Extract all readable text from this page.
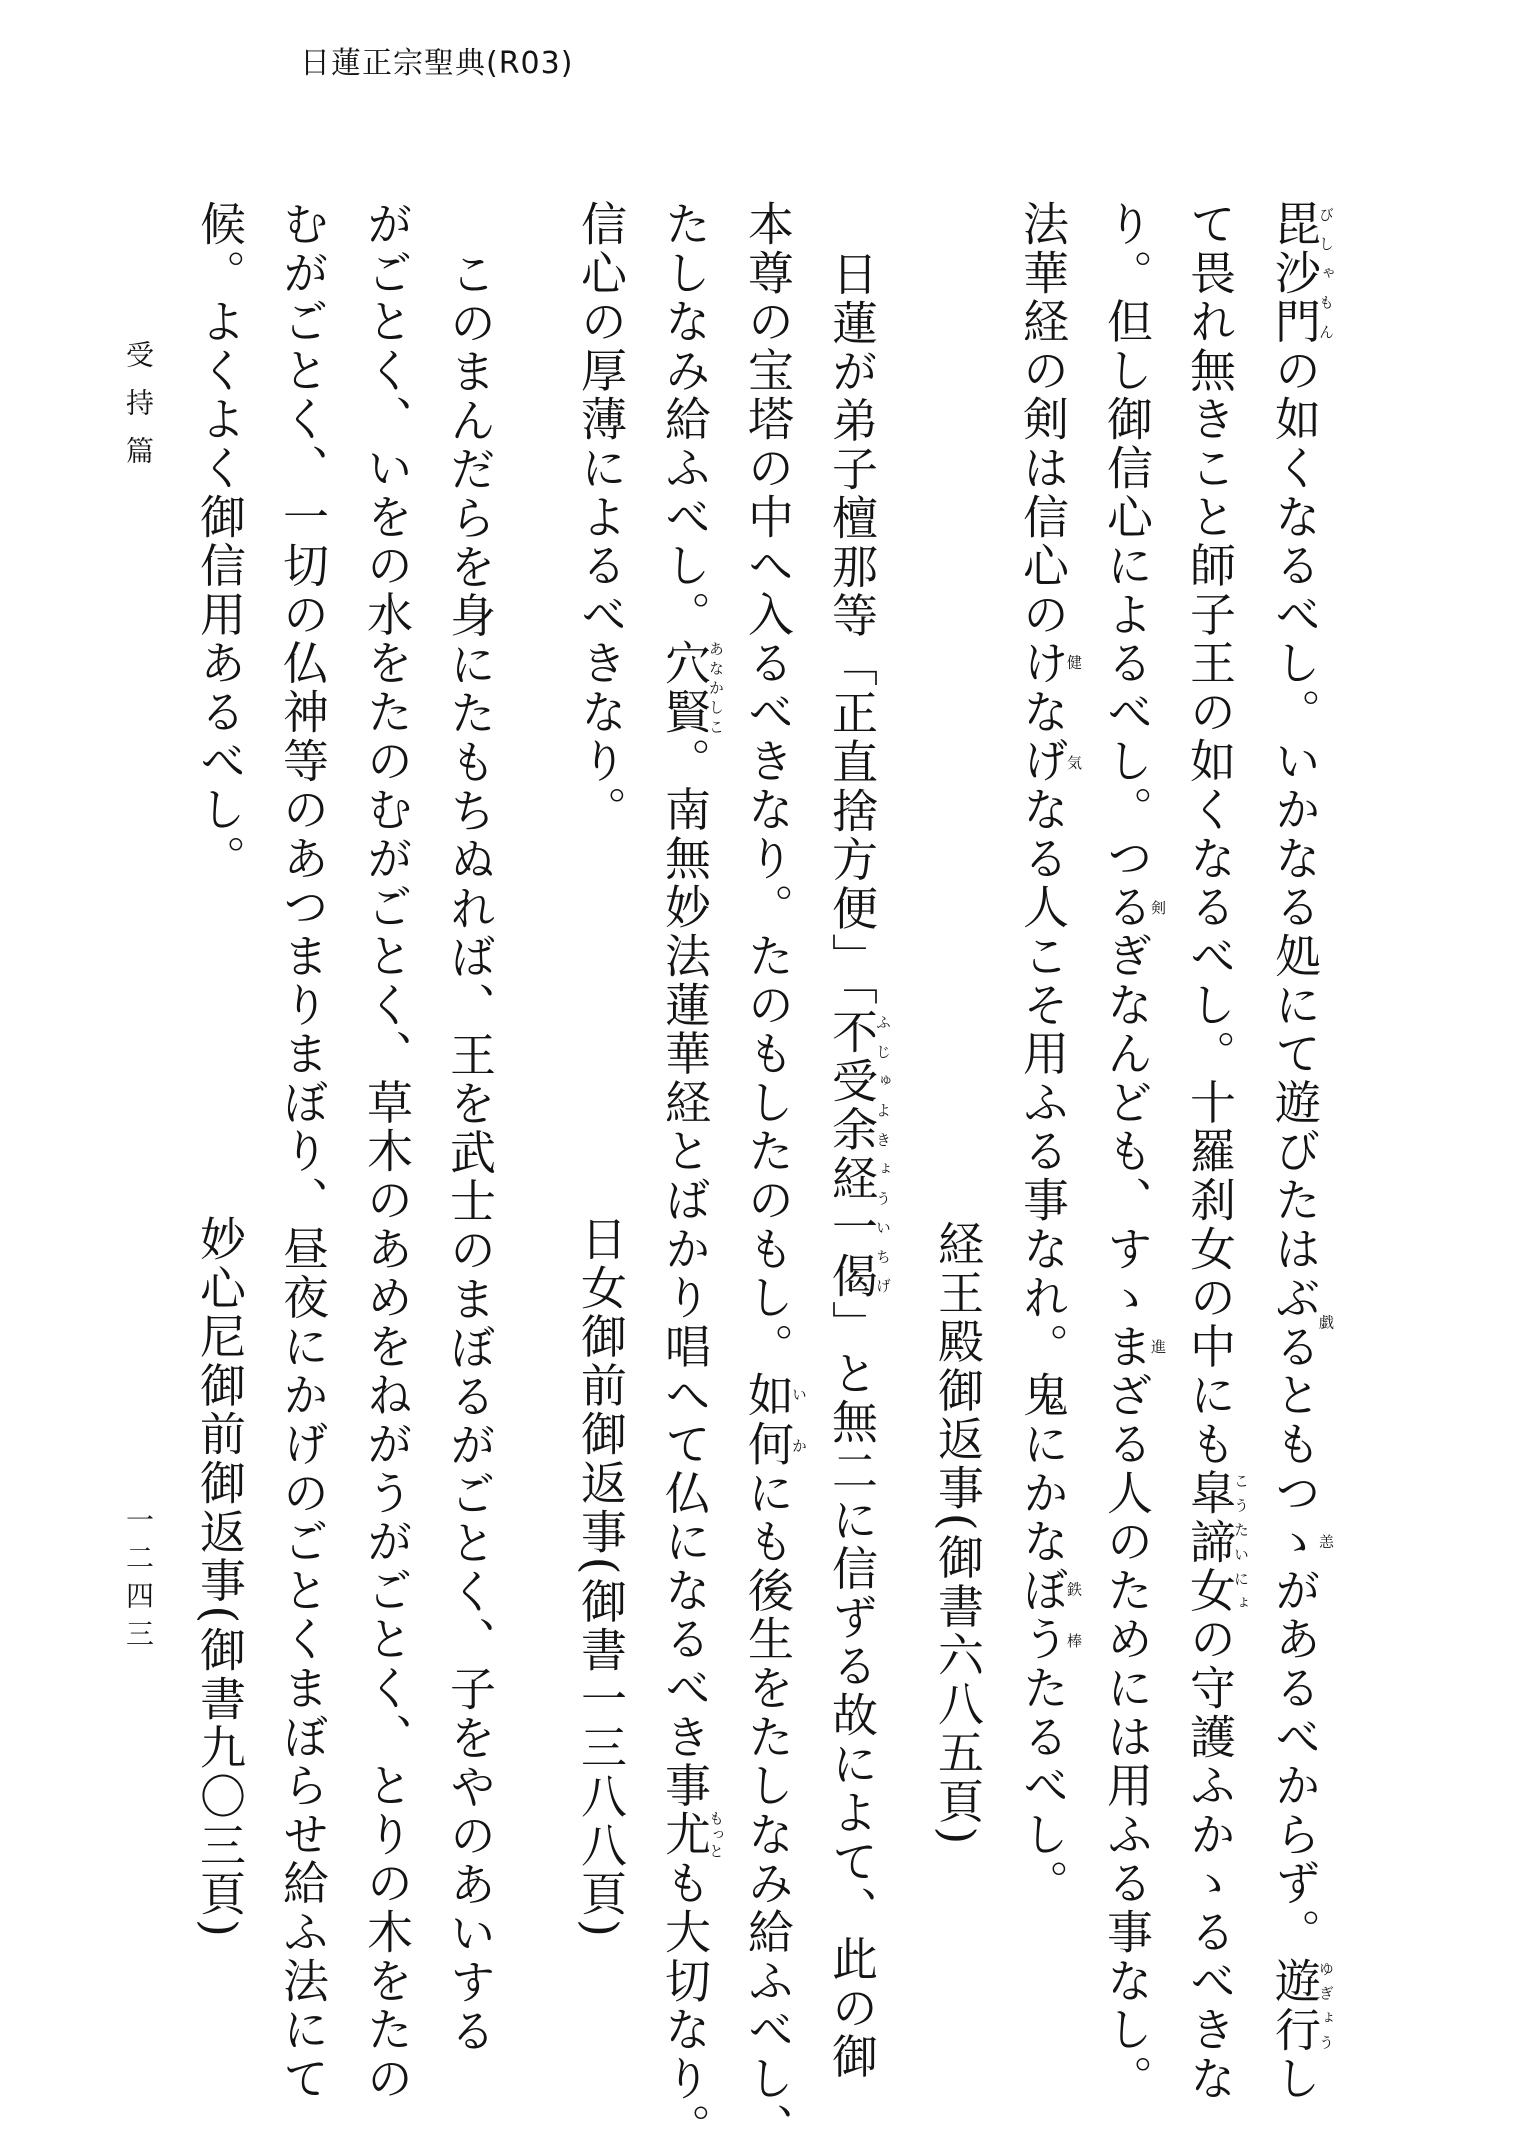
日蓮正宗聖典(R03)
毘沙門びしゃもんの如くなるべし。いかなる処にて遊びたはぶる戯ともつゝが恙あるべからず。遊行ゆぎょうし
て畏れ無きこと師子王の如くなるべし。十羅刹女の中にも皐諦女こうたいにょの守護ふかゝるべきな
り。但し御信心によるべし。つるぎ剣なんども、すゝまざる進人のためには用ふる事なし。
法華経の剣は信心のけなげ健気なる人こそ用ふる事なれ。鬼にかなぼう鉄棒たるべし。
経王殿御返事(御書六八五頁)
日蓮が弟子檀那等「正直捨方便」「不受余経一偈ふじゅよきょういちげ」と無二に信ずる故によて、此の御
本尊の宝塔の中へ入るべきなり。たのもしたのもし。如何いかにも後生をたしなみ給ふべし、
たしなみ給ふべし。穴賢あなかしこ。南無妙法蓮華経とばかり唱へて仏になるべき事尤もっとも大切なり。
信心の厚薄によるべきなり。
日女御前御返事(御書一三八八頁)
このまんだらを身にたもちぬれば、王を武士のまぼるがごとく、子をやのあいする
がごとく、いをの水をたのむがごとく、草木のあめをねがうがごとく、とりの木をたの
むがごとく、一切の仏神等のあつまりまぼり、昼夜にかげのごとくまぼらせ給ふ法にて
候。よくよく御信用あるべし。
妙心尼御前御返事(御書九〇三頁)
受持篇
一二四三
